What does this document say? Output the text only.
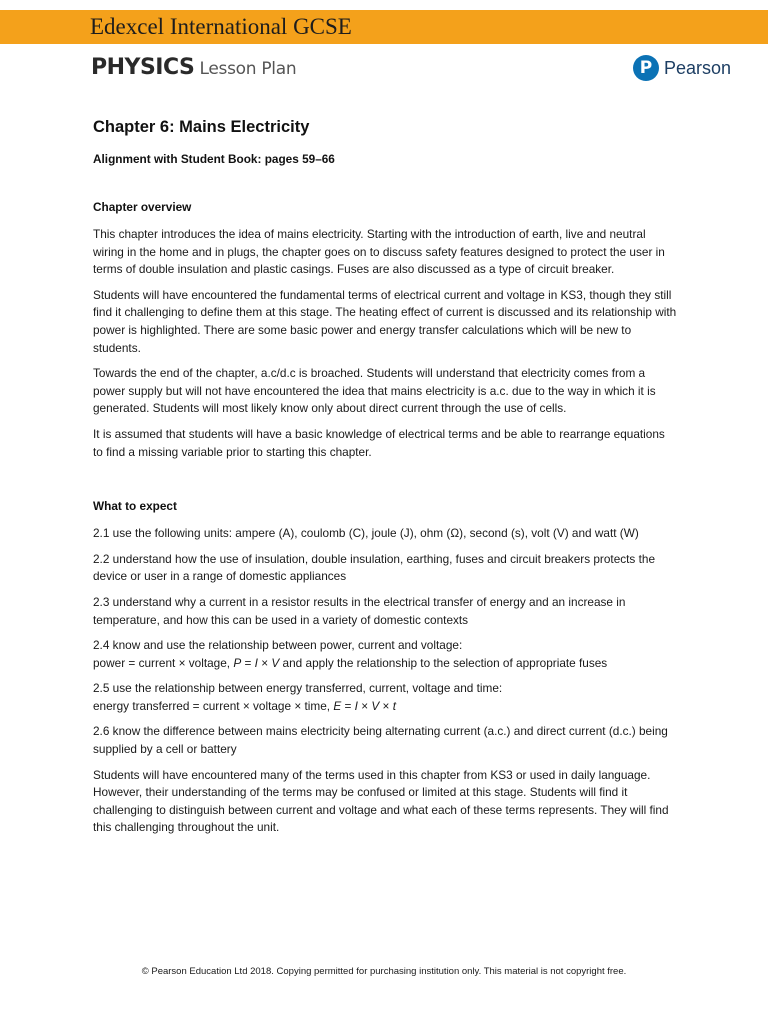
Edexcel International GCSE
PHYSICS Lesson Plan	P Pearson
Chapter 6: Mains Electricity

Alignment with Student Book: pages 59–66

Chapter overview

This chapter introduces the idea of mains electricity. Starting with the introduction of earth, live and neutral wiring in the home and in plugs, the chapter goes on to discuss safety features designed to protect the user in terms of double insulation and plastic casings. Fuses are also discussed as a type of circuit breaker.

Students will have encountered the fundamental terms of electrical current and voltage in KS3, though they still find it challenging to define them at this stage. The heating effect of current is discussed and its relationship with power is highlighted. There are some basic power and energy transfer calculations which will be new to students.

Towards the end of the chapter, a.c/d.c is broached. Students will understand that electricity comes from a power supply but will not have encountered the idea that mains electricity is a.c. due to the way in which it is generated. Students will most likely know only about direct current through the use of cells.

It is assumed that students will have a basic knowledge of electrical terms and be able to rearrange equations to find a missing variable prior to starting this chapter.

What to expect

2.1 use the following units: ampere (A), coulomb (C), joule (J), ohm (Ω), second (s), volt (V) and watt (W)

2.2 understand how the use of insulation, double insulation, earthing, fuses and circuit breakers protects the device or user in a range of domestic appliances

2.3 understand why a current in a resistor results in the electrical transfer of energy and an increase in temperature, and how this can be used in a variety of domestic contexts

2.4 know and use the relationship between power, current and voltage:
power = current × voltage, P = I × V and apply the relationship to the selection of appropriate fuses

2.5 use the relationship between energy transferred, current, voltage and time:
energy transferred = current × voltage × time, E = I × V × t

2.6 know the difference between mains electricity being alternating current (a.c.) and direct current (d.c.) being supplied by a cell or battery

Students will have encountered many of the terms used in this chapter from KS3 or used in daily language. However, their understanding of the terms may be confused or limited at this stage. Students will find it challenging to distinguish between current and voltage and what each of these terms represents. They will find this challenging throughout the unit.

© Pearson Education Ltd 2018. Copying permitted for purchasing institution only. This material is not copyright free.
